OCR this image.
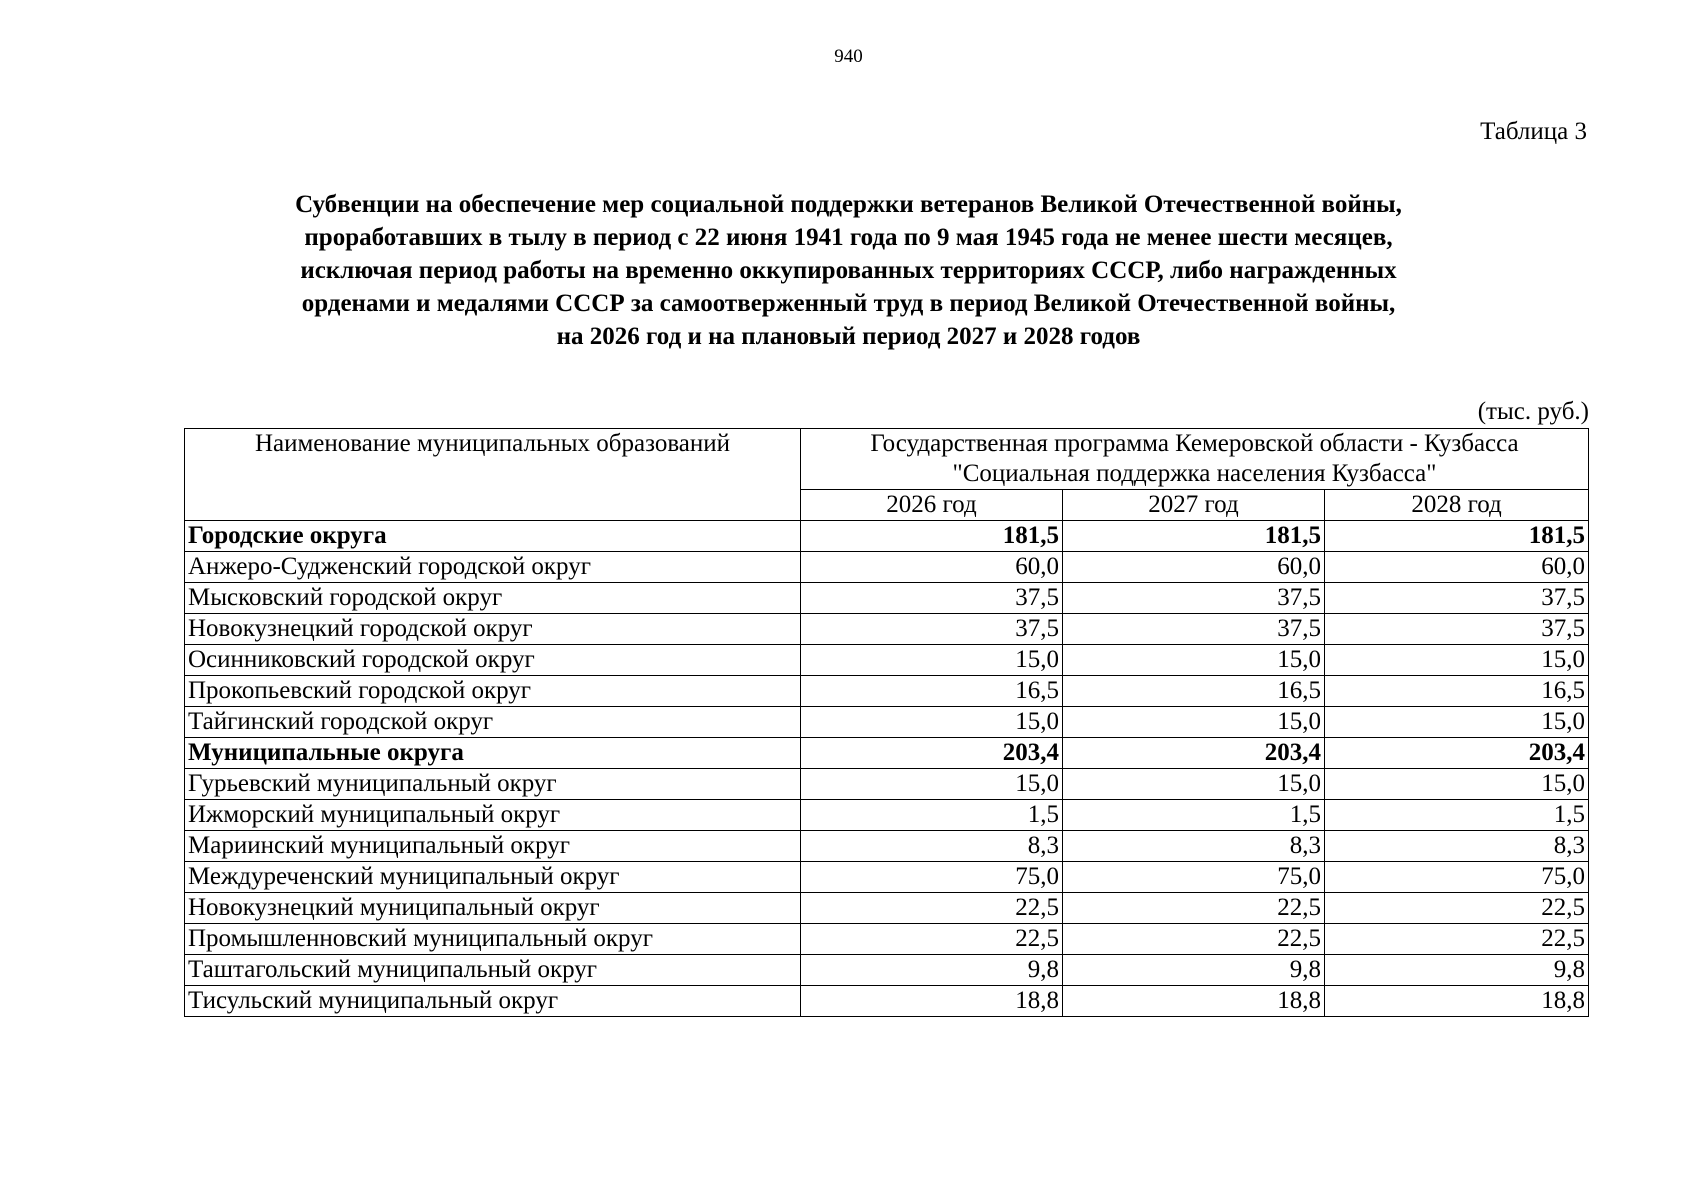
940
Таблица 3
Субвенции на обеспечение мер социальной поддержки ветеранов Великой Отечественной войны,
проработавших в тылу в период с 22 июня 1941 года по 9 мая 1945 года не менее шести месяцев,
исключая период работы на временно оккупированных территориях СССР, либо награжденных
орденами и медалями СССР за самоотверженный труд в период Великой Отечественной войны,
на 2026 год и на плановый период 2027 и 2028 годов
(тыс. руб.)
Наименование муниципальных образований	Государственная программа Кемеровской области - Кузбасса
"Социальная поддержка населения Кузбасса"		

	2026 год	2027 год	2028 год
Городские округа	181,5	181,5	181,5
Анжеро-Судженский городской округ	60,0	60,0	60,0
Мысковский городской округ	37,5	37,5	37,5
Новокузнецкий городской округ	37,5	37,5	37,5
Осинниковский городской округ	15,0	15,0	15,0
Прокопьевский городской округ	16,5	16,5	16,5
Тайгинский городской округ	15,0	15,0	15,0
Муниципальные округа	203,4	203,4	203,4
Гурьевский муниципальный округ	15,0	15,0	15,0
Ижморский муниципальный округ	1,5	1,5	1,5
Мариинский муниципальный округ	8,3	8,3	8,3
Междуреченский муниципальный округ	75,0	75,0	75,0
Новокузнецкий муниципальный округ	22,5	22,5	22,5
Промышленновский муниципальный округ	22,5	22,5	22,5
Таштагольский муниципальный округ	9,8	9,8	9,8
Тисульский муниципальный округ	18,8	18,8	18,8
